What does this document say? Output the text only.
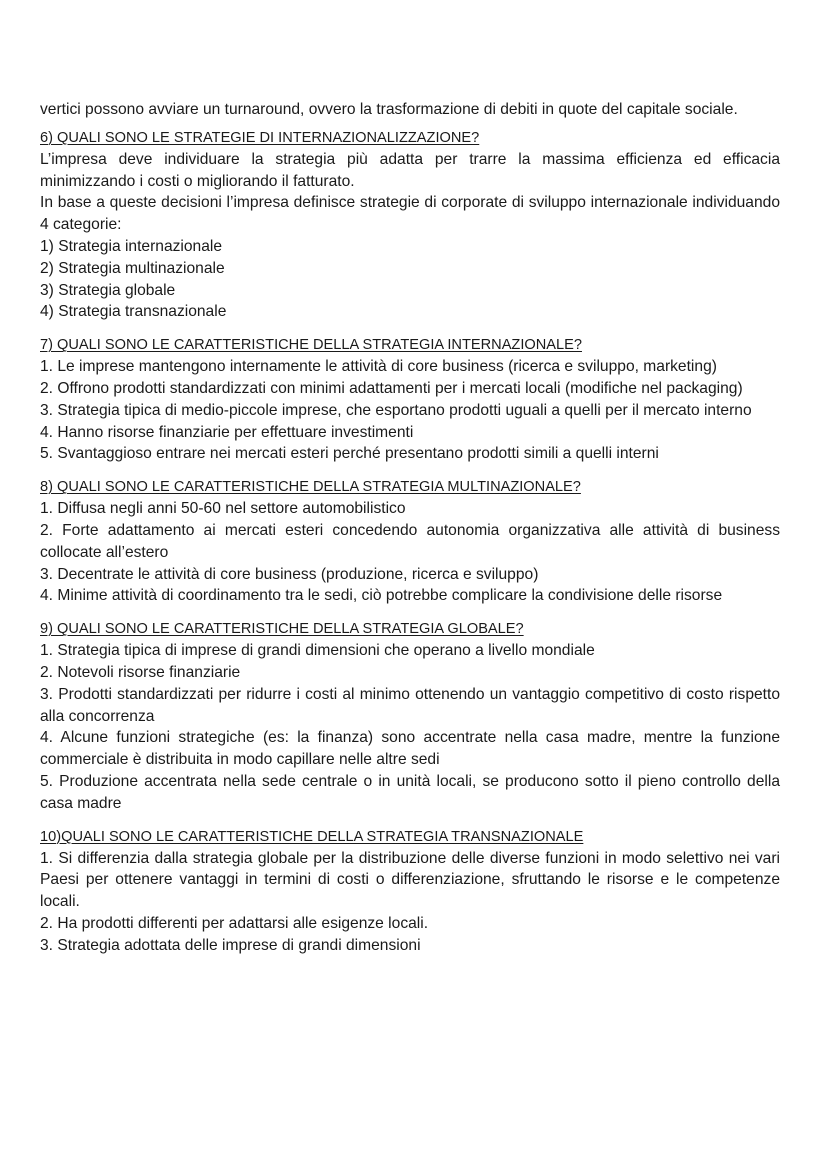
vertici possono avviare un turnaround, ovvero la trasformazione di debiti in quote del capitale sociale.

6) QUALI SONO LE STRATEGIE DI INTERNAZIONALIZZAZIONE?

L’impresa deve individuare la strategia più adatta per trarre la massima efficienza ed efficacia minimizzando i costi o migliorando il fatturato.

In base a queste decisioni l’impresa definisce strategie di corporate di sviluppo internazionale individuando 4 categorie:

1) Strategia internazionale

2) Strategia multinazionale

3) Strategia globale

4) Strategia transnazionale

7) QUALI SONO LE CARATTERISTICHE DELLA STRATEGIA INTERNAZIONALE?

1. Le imprese mantengono internamente le attività di core business (ricerca e sviluppo, marketing)

2. Offrono prodotti standardizzati con minimi adattamenti per i mercati locali (modifiche nel packaging)

3. Strategia tipica di medio-piccole imprese, che esportano prodotti uguali a quelli per il mercato interno

4. Hanno risorse finanziarie per effettuare investimenti

5. Svantaggioso entrare nei mercati esteri perché presentano prodotti simili a quelli interni

8) QUALI SONO LE CARATTERISTICHE DELLA STRATEGIA MULTINAZIONALE?

1. Diffusa negli anni 50-60 nel settore automobilistico

2. Forte adattamento ai mercati esteri concedendo autonomia organizzativa alle attività di business collocate all’estero

3. Decentrate le attività di core business (produzione, ricerca e sviluppo)

4. Minime attività di coordinamento tra le sedi, ciò potrebbe complicare la condivisione delle risorse

9) QUALI SONO LE CARATTERISTICHE DELLA STRATEGIA GLOBALE?

1. Strategia tipica di imprese di grandi dimensioni che operano a livello mondiale

2. Notevoli risorse finanziarie

3. Prodotti standardizzati per ridurre i costi al minimo ottenendo un vantaggio competitivo di costo rispetto alla concorrenza

4. Alcune funzioni strategiche (es: la finanza) sono accentrate nella casa madre, mentre la funzione commerciale è distribuita in modo capillare nelle altre sedi

5. Produzione accentrata nella sede centrale o in unità locali, se producono sotto il pieno controllo della casa madre

10)QUALI SONO LE CARATTERISTICHE DELLA STRATEGIA TRANSNAZIONALE

1. Si differenzia dalla strategia globale per la distribuzione delle diverse funzioni in modo selettivo nei vari Paesi per ottenere vantaggi in termini di costi o differenziazione, sfruttando le risorse e le competenze locali.

2. Ha prodotti differenti per adattarsi alle esigenze locali.

3. Strategia adottata delle imprese di grandi dimensioni
